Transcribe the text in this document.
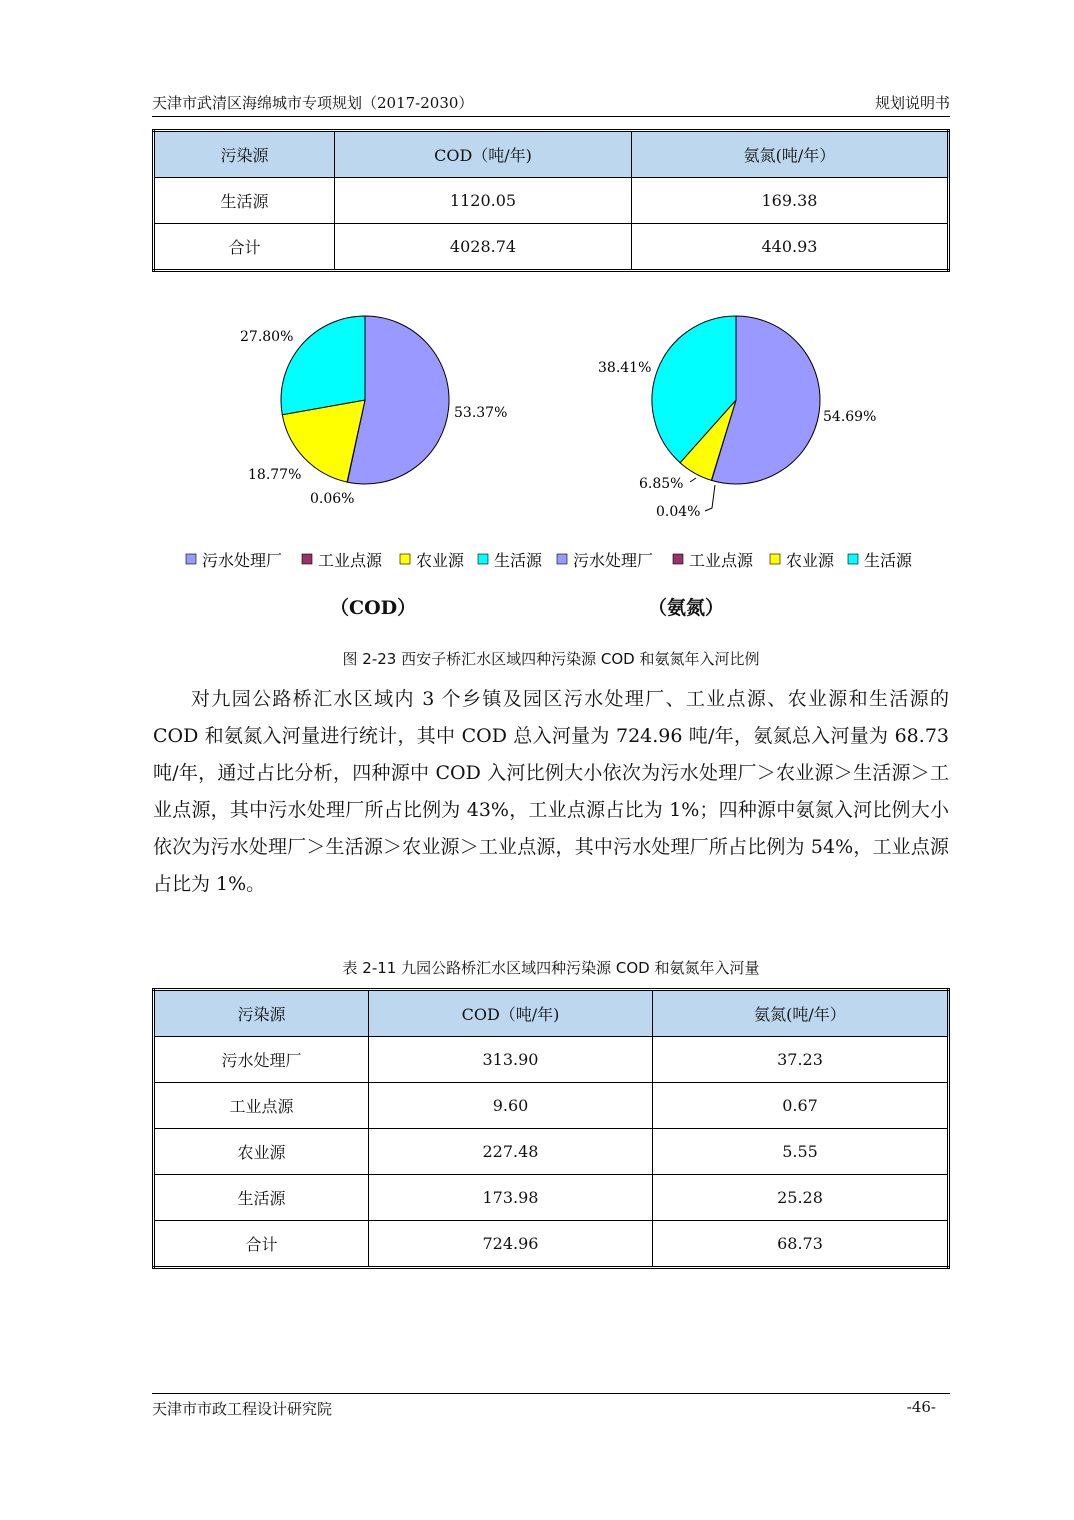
天津市武清区海绵城市专项规划（2017-2030）	规划说明书
污染源	COD（吨/年)	氨氮(吨/年）
生活源	1120.05	169.38
合计	4028.74	440.93
53.37%
0.06%
18.77%
27.80%
54.69%
0.04%
6.85%
38.41%
污水处理厂 工业点源 农业源 生活源 污水处理厂 工业点源 农业源 生活源
（COD）	（氨氮）
图 2-23 西安子桥汇水区域四种污染源 COD 和氨氮年入河比例

对九园公路桥汇水区域内 3 个乡镇及园区污水处理厂、工业点源、农业源和生活源的 COD 和氨氮入河量进行统计，其中 COD 总入河量为 724.96 吨/年，氨氮总入河量为 68.73 吨/年，通过占比分析，四种源中 COD 入河比例大小依次为污水处理厂＞农业源＞生活源＞工业点源，其中污水处理厂所占比例为 43%，工业点源占比为 1%；四种源中氨氮入河比例大小依次为污水处理厂＞生活源＞农业源＞工业点源，其中污水处理厂所占比例为 54%，工业点源占比为 1%。

表 2-11 九园公路桥汇水区域四种污染源 COD 和氨氮年入河量
污染源	COD（吨/年)	氨氮(吨/年）
污水处理厂	313.90	37.23
工业点源	9.60	0.67
农业源	227.48	5.55
生活源	173.98	25.28
合计	724.96	68.73
天津市市政工程设计研究院	-46-
